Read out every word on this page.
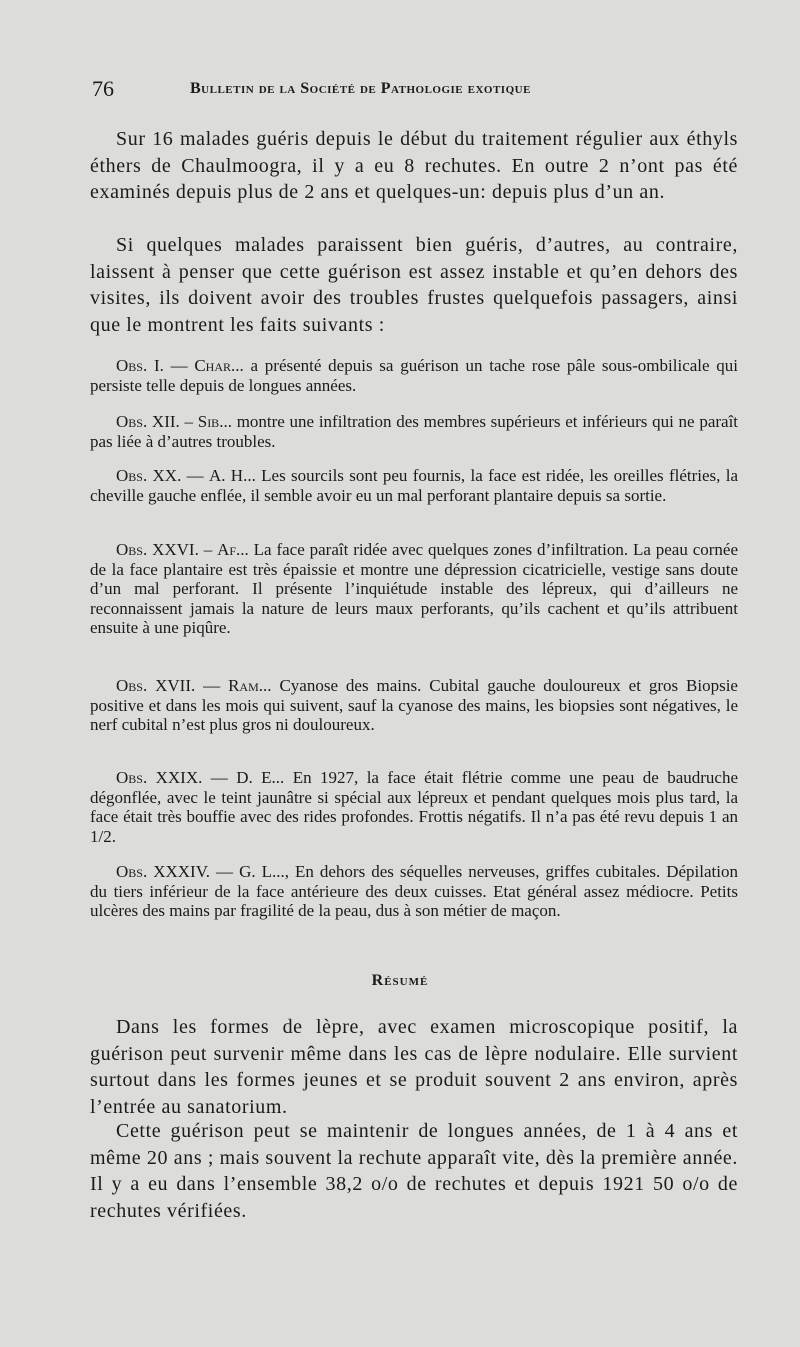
76	Bulletin de la Société de Pathologie exotique

Sur 16 malades guéris depuis le début du traitement régulier aux éthyls éthers de Chaulmoogra, il y a eu 8 rechutes. En outre 2 n’ont pas été examinés depuis plus de 2 ans et quelques-un: depuis plus d’un an.

Si quelques malades paraissent bien guéris, d’autres, au contraire, laissent à penser que cette guérison est assez instable et qu’en dehors des visites, ils doivent avoir des troubles frustes quelquefois passagers, ainsi que le montrent les faits suivants :

Obs. I. — Char... a présenté depuis sa guérison un tache rose pâle sous-ombilicale qui persiste telle depuis de longues années.

Obs. XII. – Sib... montre une infiltration des membres supérieurs et inférieurs qui ne paraît pas liée à d’autres troubles.

Obs. XX. — A. H... Les sourcils sont peu fournis, la face est ridée, les oreilles flétries, la cheville gauche enflée, il semble avoir eu un mal perforant plantaire depuis sa sortie.

Obs. XXVI. – Af... La face paraît ridée avec quelques zones d’infiltration. La peau cornée de la face plantaire est très épaissie et montre une dépression cicatricielle, vestige sans doute d’un mal perforant. Il présente l’inquiétude instable des lépreux, qui d’ailleurs ne reconnaissent jamais la nature de leurs maux perforants, qu’ils cachent et qu’ils attribuent ensuite à une piqûre.

Obs. XVII. — Ram... Cyanose des mains. Cubital gauche douloureux et gros Biopsie positive et dans les mois qui suivent, sauf la cyanose des mains, les biopsies sont négatives, le nerf cubital n’est plus gros ni douloureux.

Obs. XXIX. — D. E... En 1927, la face était flétrie comme une peau de baudruche dégonflée, avec le teint jaunâtre si spécial aux lépreux et pendant quelques mois plus tard, la face était très bouffie avec des rides profondes. Frottis négatifs. Il n’a pas été revu depuis 1 an 1/2.

Obs. XXXIV. — G. L..., En dehors des séquelles nerveuses, griffes cubitales. Dépilation du tiers inférieur de la face antérieure des deux cuisses. Etat général assez médiocre. Petits ulcères des mains par fragilité de la peau, dus à son métier de maçon.

Résumé

Dans les formes de lèpre, avec examen microscopique positif, la guérison peut survenir même dans les cas de lèpre nodulaire. Elle survient surtout dans les formes jeunes et se produit souvent 2 ans environ, après l’entrée au sanatorium.

Cette guérison peut se maintenir de longues années, de 1 à 4 ans et même 20 ans ; mais souvent la rechute apparaît vite, dès la première année. Il y a eu dans l’ensemble 38,2 o/o de rechutes et depuis 1921 50 o/o de rechutes vérifiées.
